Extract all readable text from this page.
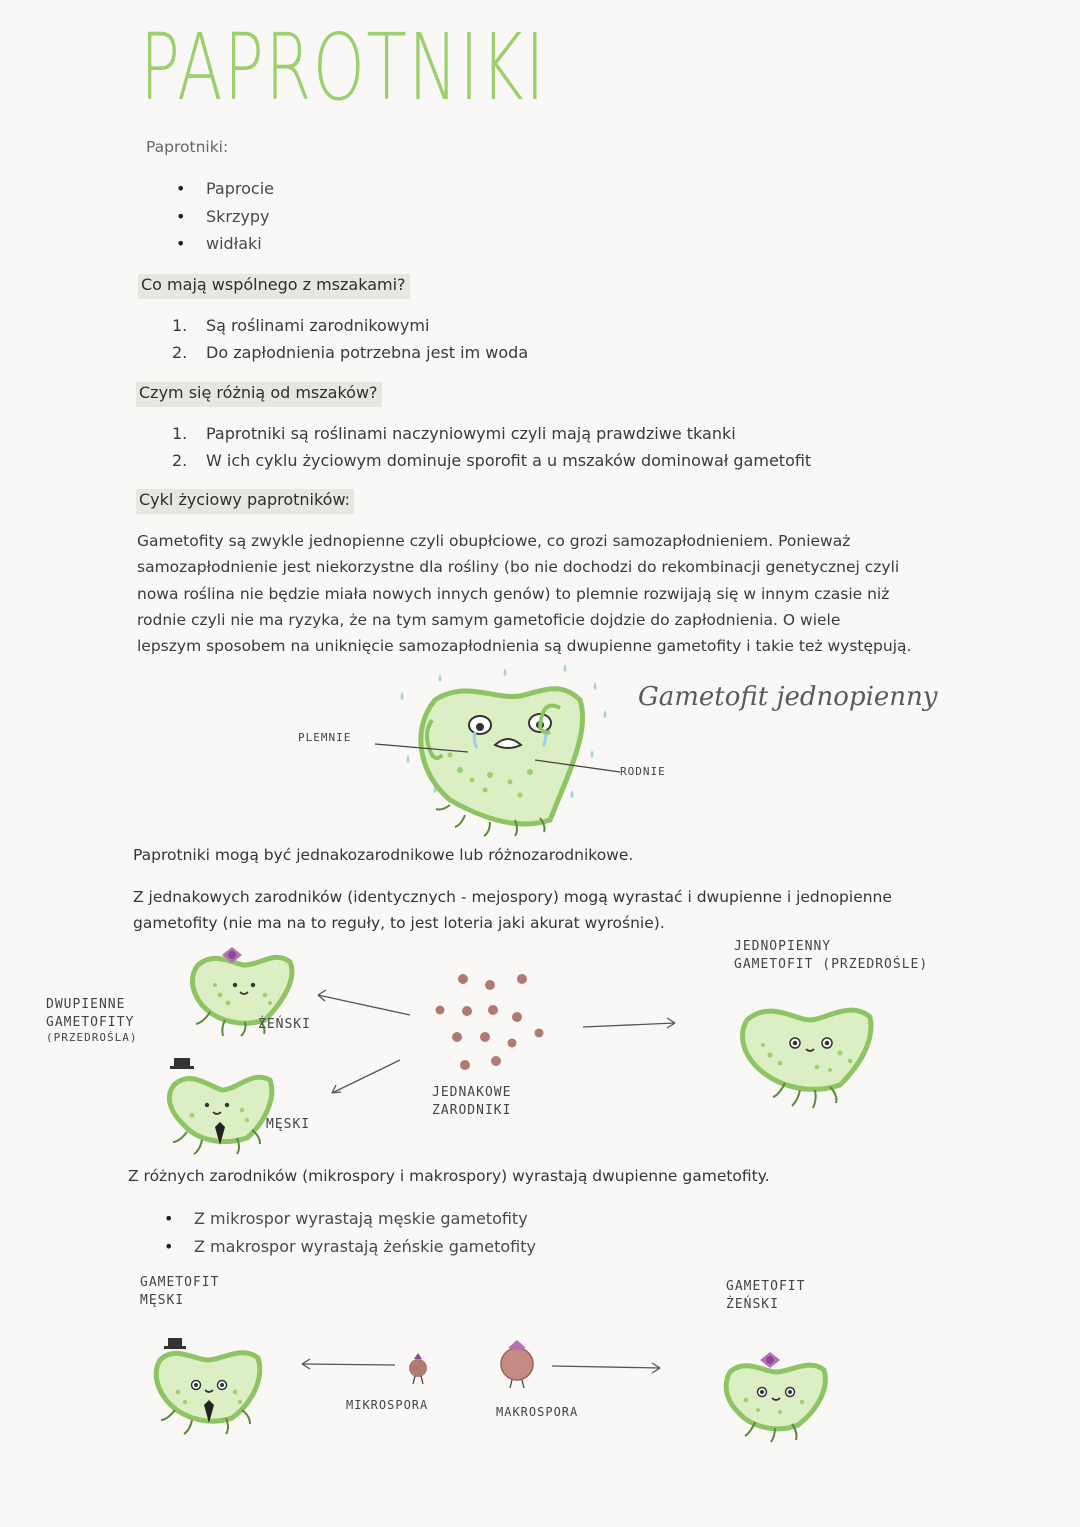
PAPROTNIKI
Paprotniki:
• Paprocie
• Skrzypy
• widłaki
Co mają wspólnego z mszakami?
1. Są roślinami zarodnikowymi
2. Do zapłodnienia potrzebna jest im woda
Czym się różnią od mszaków?
1. Paprotniki są roślinami naczyniowymi czyli mają prawdziwe tkanki
2. W ich cyklu życiowym dominuje sporofit a u mszaków dominował gametofit
Cykl życiowy paprotników:
Gametofity są zwykle jednopienne czyli obupłciowe, co grozi samozapłodnieniem. Ponieważ
samozapłodnienie jest niekorzystne dla rośliny (bo nie dochodzi do rekombinacji genetycznej czyli
nowa roślina nie będzie miała nowych innych genów) to plemnie rozwijają się w innym czasie niż
rodnie czyli nie ma ryzyka, że na tym samym gametoficie dojdzie do zapłodnienia. O wiele
lepszym sposobem na uniknięcie samozapłodnienia są dwupienne gametofity i takie też występują.
PLEMNIE
RODNIE
Gametofit jednopienny
Paprotniki mogą być jednakozarodnikowe lub różnozarodnikowe.
Z jednakowych zarodników (identycznych - mejospory) mogą wyrastać i dwupienne i jednopienne
gametofity (nie ma na to reguły, to jest loteria jaki akurat wyrośnie).
DWUPIENNE
GAMETOFITY
(PRZEDROŚLA)
ŻEŃSKI
MĘSKI
JEDNAKOWE
ZARODNIKI
JEDNOPIENNY
GAMETOFIT (PRZEDROŚLE)
Z różnych zarodników (mikrospory i makrospory) wyrastają dwupienne gametofity.
• Z mikrospor wyrastają męskie gametofity
• Z makrospor wyrastają żeńskie gametofity
GAMETOFIT
MĘSKI
GAMETOFIT
ŻEŃSKI
MIKROSPORA	MAKROSPORA
